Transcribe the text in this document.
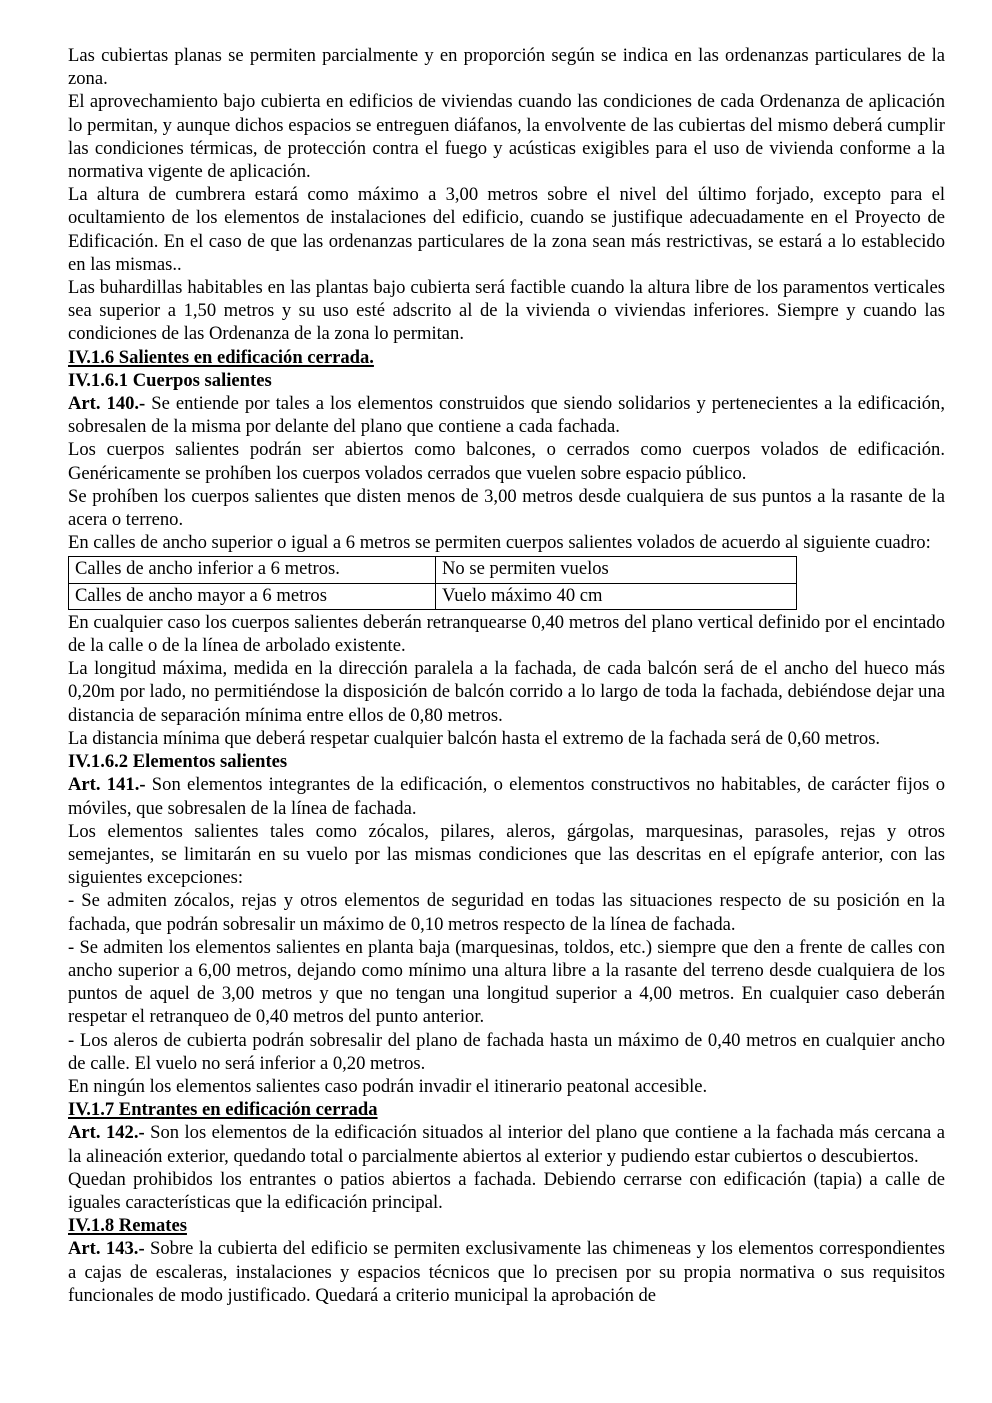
Las cubiertas planas se permiten parcialmente y en proporción según se indica en las ordenanzas particulares de la zona.

El aprovechamiento bajo cubierta en edificios de viviendas cuando las condiciones de cada Ordenanza de aplicación lo permitan, y aunque dichos espacios se entreguen diáfanos, la envolvente de las cubiertas del mismo deberá cumplir las condiciones térmicas, de protección contra el fuego y acústicas exigibles para el uso de vivienda conforme a la normativa vigente de aplicación.

La altura de cumbrera estará como máximo a 3,00 metros sobre el nivel del último forjado, excepto para el ocultamiento de los elementos de instalaciones del edificio, cuando se justifique adecuadamente en el Proyecto de Edificación. En el caso de que las ordenanzas particulares de la zona sean más restrictivas, se estará a lo establecido en las mismas..

Las buhardillas habitables en las plantas bajo cubierta será factible cuando la altura libre de los paramentos verticales sea superior a 1,50 metros y su uso esté adscrito al de la vivienda o viviendas inferiores. Siempre y cuando las condiciones de las Ordenanza de la zona lo permitan.

IV.1.6 Salientes en edificación cerrada.
IV.1.6.1 Cuerpos salientes

Art. 140.- Se entiende por tales a los elementos construidos que siendo solidarios y pertenecientes a la edificación, sobresalen de la misma por delante del plano que contiene a cada fachada.

Los cuerpos salientes podrán ser abiertos como balcones, o cerrados como cuerpos volados de edificación. Genéricamente se prohíben los cuerpos volados cerrados que vuelen sobre espacio público.

Se prohíben los cuerpos salientes que disten menos de 3,00 metros desde cualquiera de sus puntos a la rasante de la acera o terreno.

En calles de ancho superior o igual a 6 metros se permiten cuerpos salientes volados de acuerdo al siguiente cuadro:

Calles de ancho inferior a 6 metros.	No se permiten vuelos
Calles de ancho mayor a 6 metros	Vuelo máximo 40 cm

En cualquier caso los cuerpos salientes deberán retranquearse 0,40 metros del plano vertical definido por el encintado de la calle o de la línea de arbolado existente.

La longitud máxima, medida en la dirección paralela a la fachada, de cada balcón será de el ancho del hueco más 0,20m por lado, no permitiéndose la disposición de balcón corrido a lo largo de toda la fachada, debiéndose dejar una distancia de separación mínima entre ellos de 0,80 metros.

La distancia mínima que deberá respetar cualquier balcón hasta el extremo de la fachada será de 0,60 metros.

IV.1.6.2 Elementos salientes

Art. 141.- Son elementos integrantes de la edificación, o elementos constructivos no habitables, de carácter fijos o móviles, que sobresalen de la línea de fachada.

Los elementos salientes tales como zócalos, pilares, aleros, gárgolas, marquesinas, parasoles, rejas y otros semejantes, se limitarán en su vuelo por las mismas condiciones que las descritas en el epígrafe anterior, con las siguientes excepciones:

- Se admiten zócalos, rejas y otros elementos de seguridad en todas las situaciones respecto de su posición en la fachada, que podrán sobresalir un máximo de 0,10 metros respecto de la línea de fachada.

- Se admiten los elementos salientes en planta baja (marquesinas, toldos, etc.) siempre que den a frente de calles con ancho superior a 6,00 metros, dejando como mínimo una altura libre a la rasante del terreno desde cualquiera de los puntos de aquel de 3,00 metros y que no tengan una longitud superior a 4,00 metros. En cualquier caso deberán respetar el retranqueo de 0,40 metros del punto anterior.

- Los aleros de cubierta podrán sobresalir del plano de fachada hasta un máximo de 0,40 metros en cualquier ancho de calle. El vuelo no será inferior a 0,20 metros.

En ningún los elementos salientes caso podrán invadir el itinerario peatonal accesible.

IV.1.7 Entrantes en edificación cerrada

Art. 142.- Son los elementos de la edificación situados al interior del plano que contiene a la fachada más cercana a la alineación exterior, quedando total o parcialmente abiertos al exterior y pudiendo estar cubiertos o descubiertos.

Quedan prohibidos los entrantes o patios abiertos a fachada. Debiendo cerrarse con edificación (tapia) a calle de iguales características que la edificación principal.

IV.1.8 Remates

Art. 143.- Sobre la cubierta del edificio se permiten exclusivamente las chimeneas y los elementos correspondientes a cajas de escaleras, instalaciones y espacios técnicos que lo precisen por su propia normativa o sus requisitos funcionales de modo justificado. Quedará a criterio municipal la aprobación de
